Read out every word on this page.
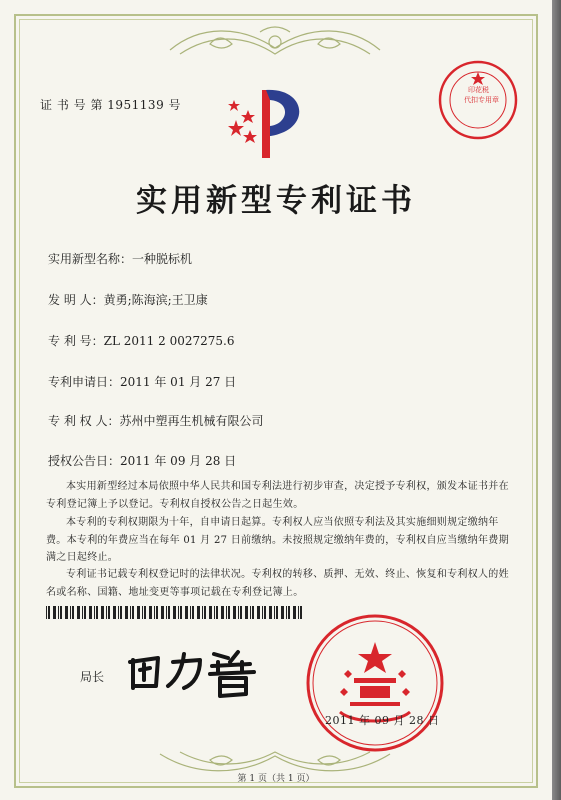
证 书 号 第 1951139 号
印花税
代扣专用章
实用新型专利证书
实用新型名称：一种脱标机
发 明 人：黄勇;陈海滨;王卫康
专 利 号：ZL 2011 2 0027275.6
专利申请日：2011 年 01 月 27 日
专 利 权 人：苏州中塑再生机械有限公司
授权公告日：2011 年 09 月 28 日

本实用新型经过本局依照中华人民共和国专利法进行初步审查，决定授予专利权，颁发本证书并在专利登记簿上予以登记。专利权自授权公告之日起生效。

本专利的专利权期限为十年，自申请日起算。专利权人应当依照专利法及其实施细则规定缴纳年费。本专利的年费应当在每年 01 月 27 日前缴纳。未按照规定缴纳年费的，专利权自应当缴纳年费期满之日起终止。

专利证书记载专利权登记时的法律状况。专利权的转移、质押、无效、终止、恢复和专利权人的姓名或名称、国籍、地址变更等事项记载在专利登记簿上。

局长
2011 年 09 月 28 日
第 1 页（共 1 页）
